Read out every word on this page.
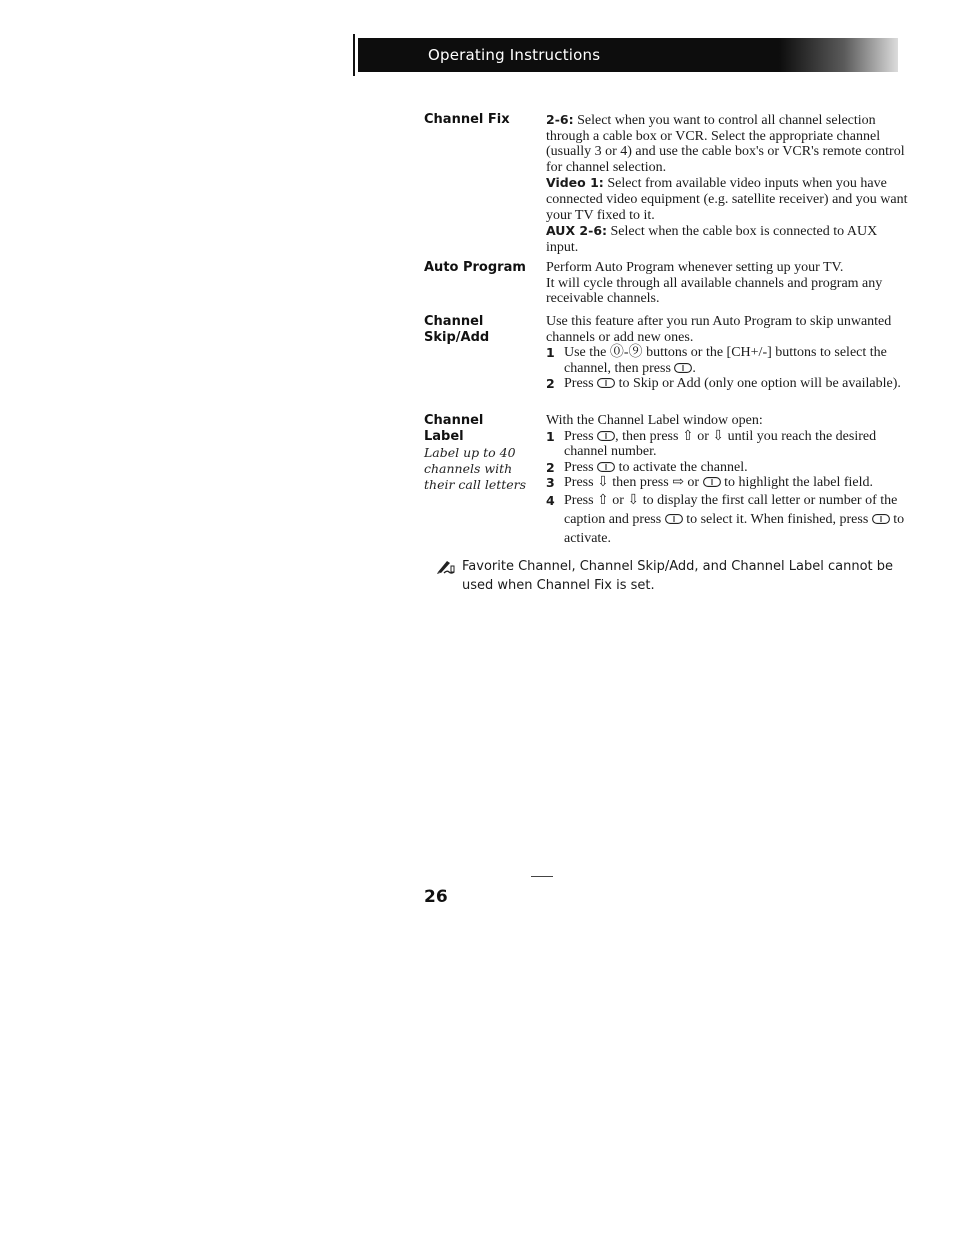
Operating Instructions
Channel Fix	2-6: Select when you want to control all channel selection through a cable box or VCR. Select the appropriate channel (usually 3 or 4) and use the cable box's or VCR's remote control for channel selection.

Video 1: Select from available video inputs when you have connected video equipment (e.g. satellite receiver) and you want your TV fixed to it.

AUX 2-6: Select when the cable box is connected to AUX input.

Auto Program	Perform Auto Program whenever setting up your TV.

It will cycle through all available channels and program any receivable channels.

Channel
Skip/Add

Use this feature after you run Auto Program to skip unwanted channels or add new ones.

1 Use the ⓪-⑨ buttons or the [CH+/-] buttons to select the channel, then press .

2 Press  to Skip or Add (only one option will be available).

Channel
Label
Label up to 40 channels with their call letters

With the Channel Label window open:

1 Press , then press ⇧ or ⇩ until you reach the desired channel number.

2 Press  to activate the channel.

3 Press ⇩ then press ⇨ or  to highlight the label field.

4 Press ⇧ or ⇩ to display the first call letter or number of the caption and press  to select it. When finished, press  to activate.

Favorite Channel, Channel Skip/Add, and Channel Label cannot be used when Channel Fix is set.
26
